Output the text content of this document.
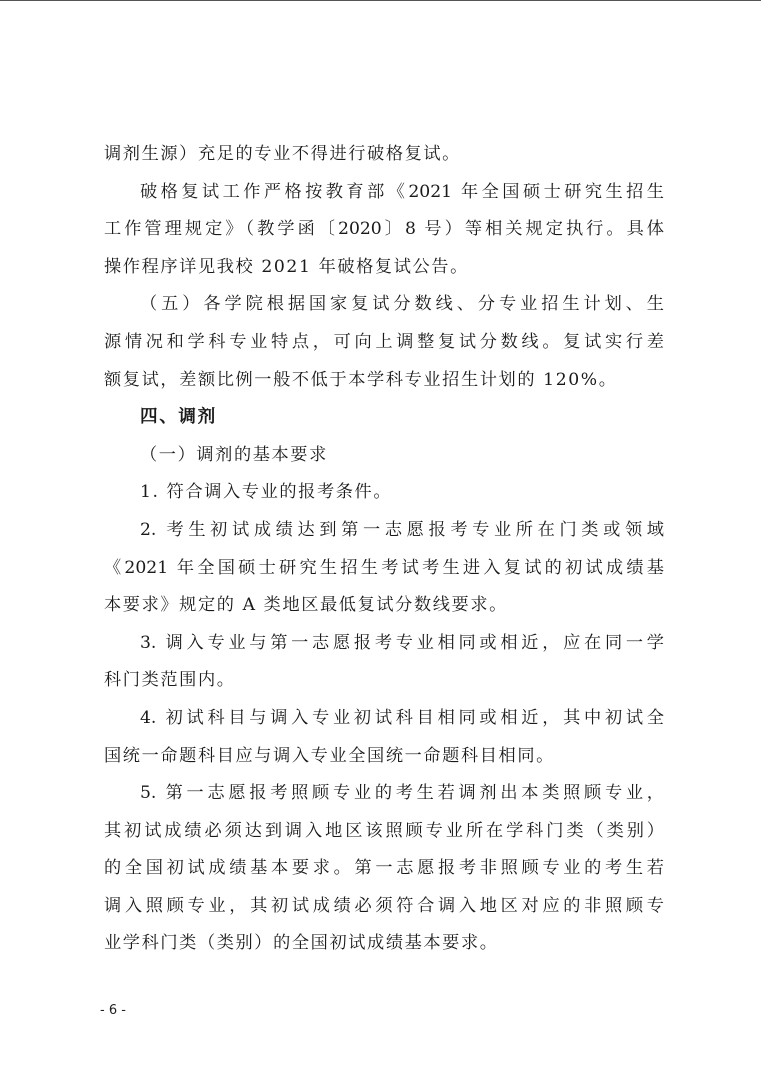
调剂生源）充足的专业不得进行破格复试。
破格复试工作严格按教育部《2021 年全国硕士研究生招生
工作管理规定》（教学函〔2020〕8 号）等相关规定执行。具体
操作程序详见我校 2021 年破格复试公告。
（五）各学院根据国家复试分数线、分专业招生计划、生
源情况和学科专业特点，可向上调整复试分数线。复试实行差
额复试，差额比例一般不低于本学科专业招生计划的 120%。
四、调剂
（一）调剂的基本要求
1. 符合调入专业的报考条件。
2. 考生初试成绩达到第一志愿报考专业所在门类或领域
《2021 年全国硕士研究生招生考试考生进入复试的初试成绩基
本要求》规定的 A 类地区最低复试分数线要求。
3. 调入专业与第一志愿报考专业相同或相近，应在同一学
科门类范围内。
4. 初试科目与调入专业初试科目相同或相近，其中初试全
国统一命题科目应与调入专业全国统一命题科目相同。
5. 第一志愿报考照顾专业的考生若调剂出本类照顾专业，
其初试成绩必须达到调入地区该照顾专业所在学科门类（类别）
的全国初试成绩基本要求。第一志愿报考非照顾专业的考生若
调入照顾专业，其初试成绩必须符合调入地区对应的非照顾专
业学科门类（类别）的全国初试成绩基本要求。
- 6 -
